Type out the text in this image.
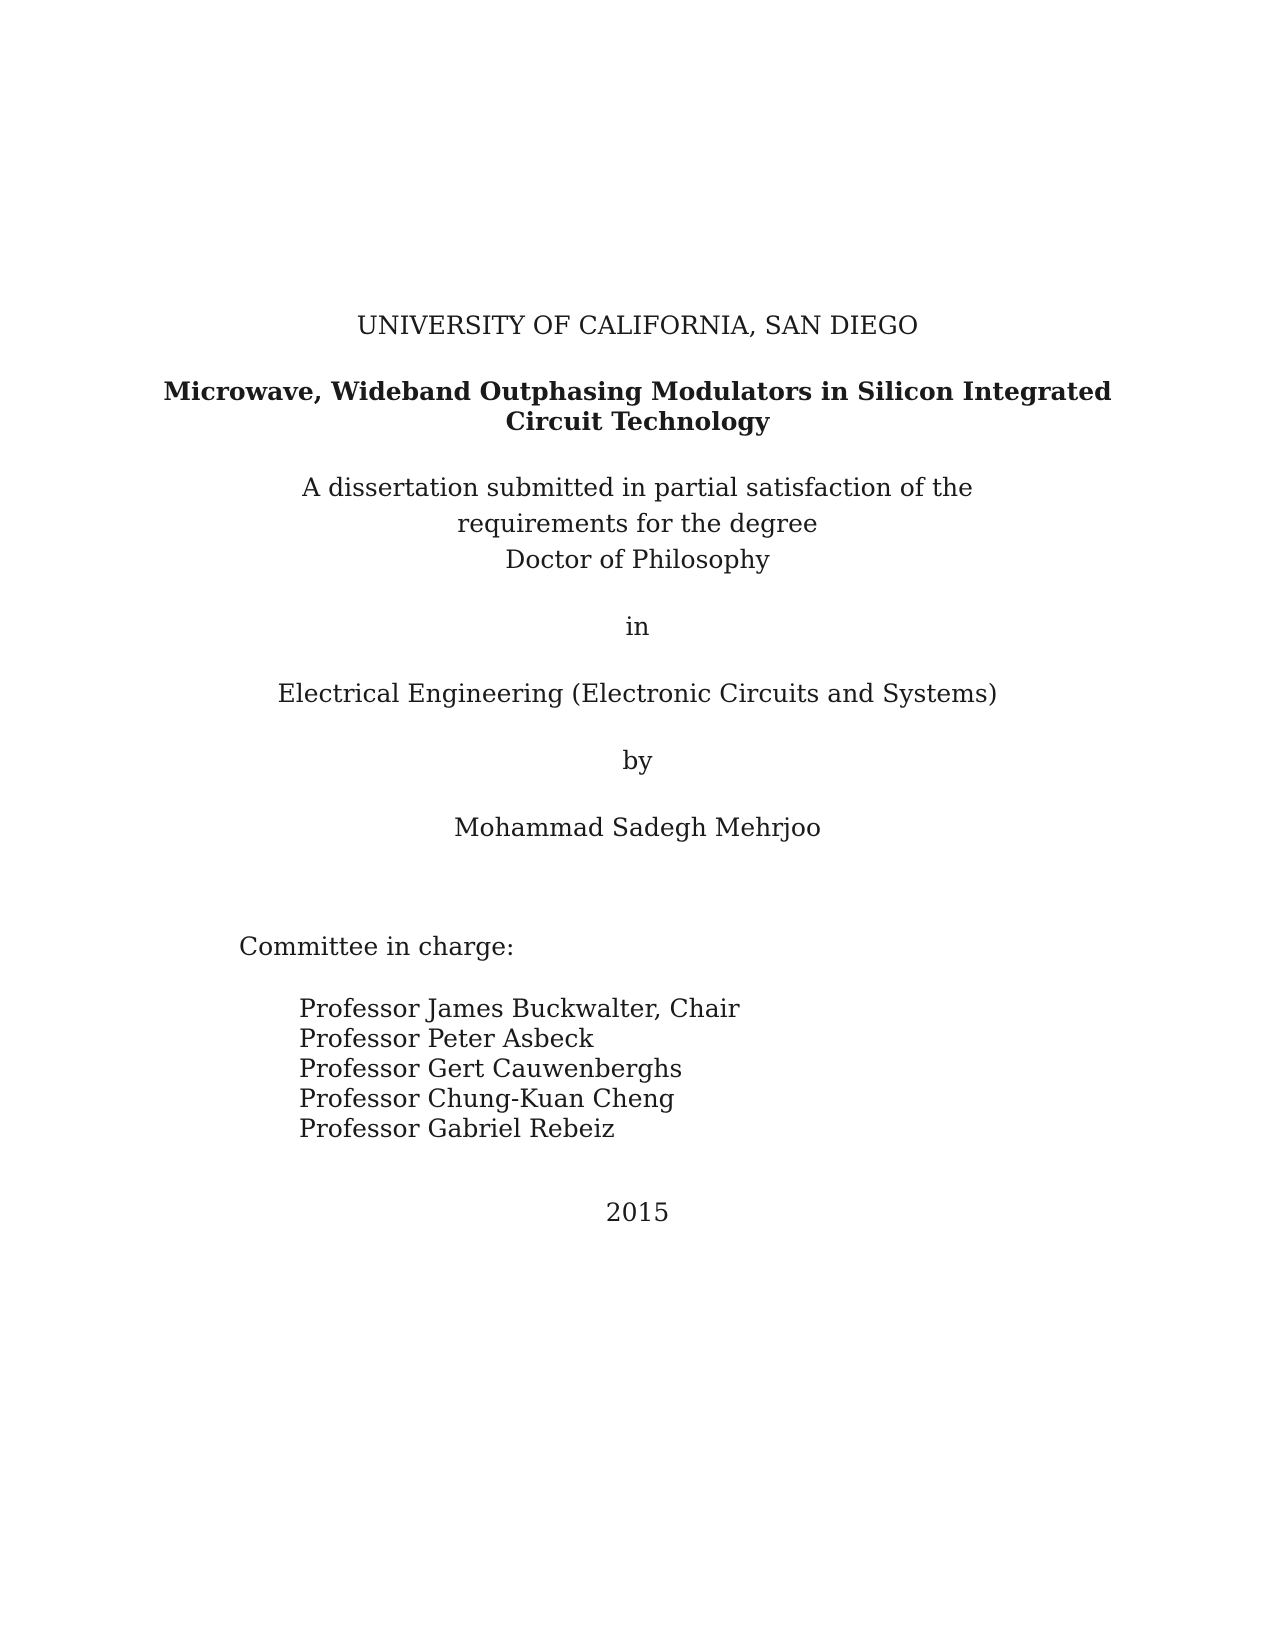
UNIVERSITY OF CALIFORNIA, SAN DIEGO
Microwave, Wideband Outphasing Modulators in Silicon Integrated
Circuit Technology
A dissertation submitted in partial satisfaction of the
requirements for the degree
Doctor of Philosophy
in
Electrical Engineering (Electronic Circuits and Systems)
by
Mohammad Sadegh Mehrjoo
Committee in charge:
Professor James Buckwalter, Chair
Professor Peter Asbeck
Professor Gert Cauwenberghs
Professor Chung-Kuan Cheng
Professor Gabriel Rebeiz
2015
